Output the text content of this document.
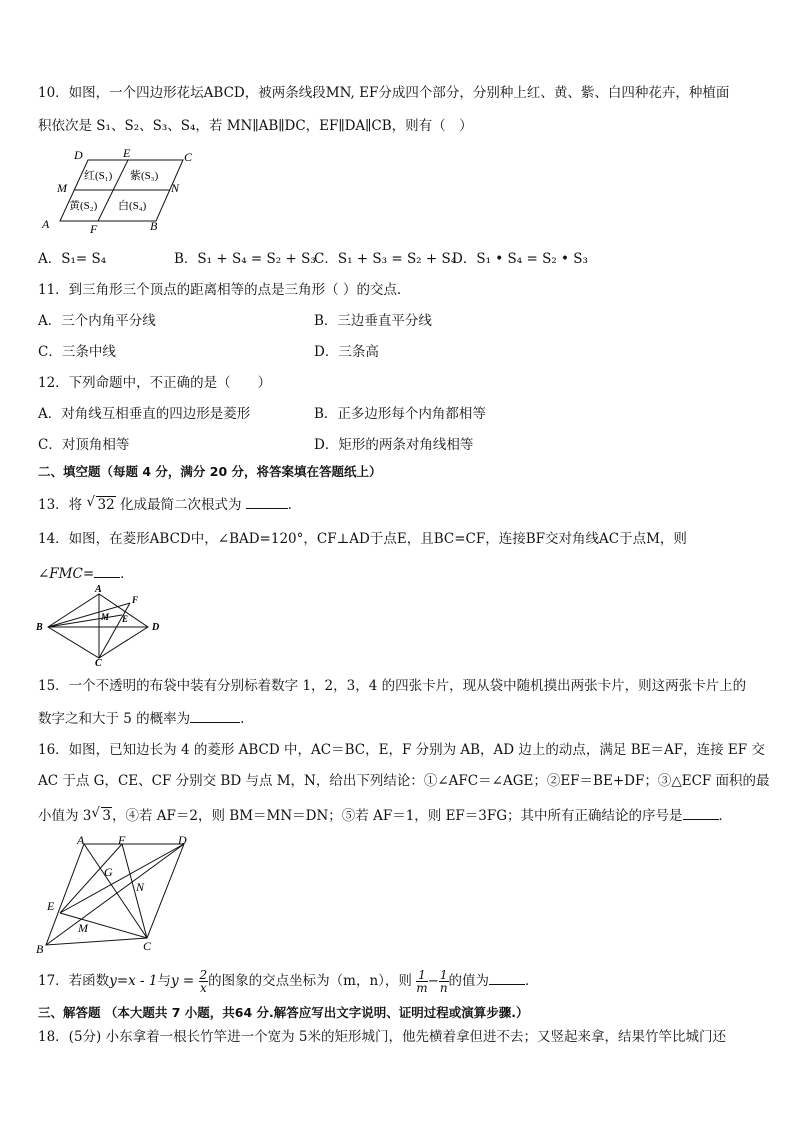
10．如图，一个四边形花坛ABCD，被两条线段MN, EF分成四个部分，分别种上红、黄、紫、白四种花卉，种植面
积依次是 S₁、S₂、S₃、S₄，若 MN∥AB∥DC，EF∥DA∥CB，则有（　）
D	E	C
M	N
A	F	B
红(S₁) 紫(S₃)
黄(S₂) 白(S₄)
A．S₁= S₄	B．S₁ + S₄ = S₂ + S₃
C．S₁ + S₃ = S₂ + S₄
D．S₁ • S₄ = S₂ • S₃
11．到三角形三个顶点的距离相等的点是三角形（ ）的交点．
A．三个内角平分线	B．三边垂直平分线
C．三条中线	D．三条高
12．下列命题中，不正确的是（　　）
A．对角线互相垂直的四边形是菱形	B．正多边形每个内角都相等
C．对顶角相等	D．矩形的两条对角线相等
二、填空题（每题 4 分，满分 20 分，将答案填在答题纸上）
13．将 √ 32 化成最简二次根式为	．
14．如图，在菱形ABCD中，∠BAD=120°，CF⊥AD于点E，且BC=CF，连接BF交对角线AC于点M，则
∠FMC= ．
A
F
M E
B	D
C
15．一个不透明的布袋中装有分别标着数字 1，2，3，4 的四张卡片，现从袋中随机摸出两张卡片，则这两张卡片上的
数字之和大于 5 的概率为	.
16．如图，已知边长为 4 的菱形 ABCD 中，AC＝BC，E，F 分别为 AB，AD 边上的动点，满足 BE＝AF，连接 EF 交
AC 于点 G，CE、CF 分别交 BD 与点 M，N，给出下列结论：①∠AFC＝∠AGE；②EF＝BE+DF；③△ECF 面积的最
小值为 3 √ 3，④若 AF＝2，则 BM＝MN＝DN；⑤若 AF＝1，则 EF＝3FG；其中所有正确结论的序号是	．
A	F	D
G
N
E
M
B	C
17．若函数y=x - 1与$y = \frac{2}{x}$ 的图象的交点坐标为（m，n），则 $\frac{1}{m} - \frac{1}{n}$ 的值为	．
三、解答题 （本大题共 7 小题，共64 分.解答应写出文字说明、证明过程或演算步骤.）
18．(5分) 小东拿着一根长竹竿进一个宽为 5米的矩形城门，他先横着拿但进不去；又竖起来拿，结果竹竿比城门还
